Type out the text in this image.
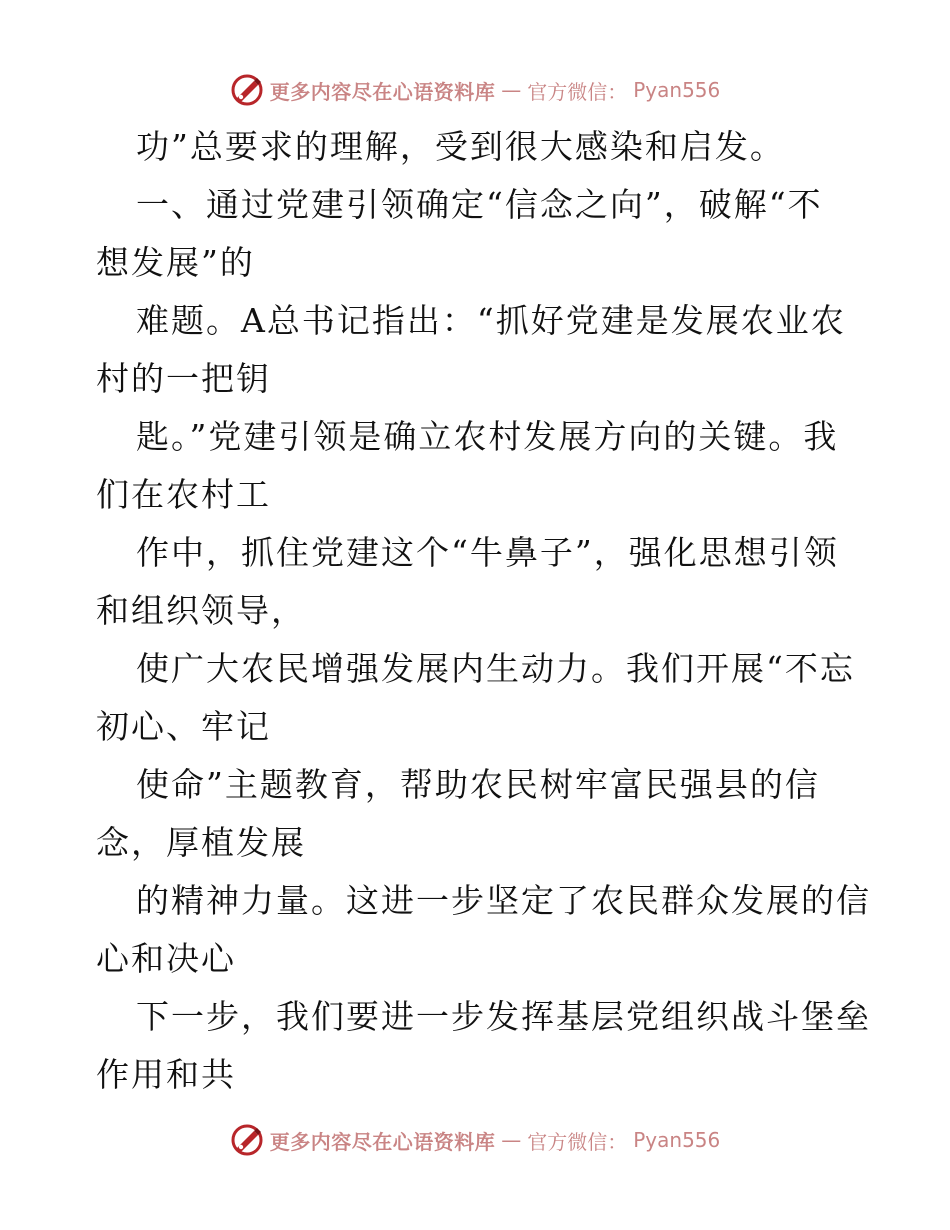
更多内容尽在心语资料库 — 官方微信： Pyan556
功”总要求的理解，受到很大感染和启发。
一、通过党建引领确定“信念之向”，破解“不
想发展”的
难题。A总书记指出：“抓好党建是发展农业农
村的一把钥
匙。”党建引领是确立农村发展方向的关键。我
们在农村工
作中，抓住党建这个“牛鼻子”，强化思想引领
和组织领导，
使广大农民增强发展内生动力。我们开展“不忘
初心、牢记
使命”主题教育，帮助农民树牢富民强县的信
念，厚植发展
的精神力量。这进一步坚定了农民群众发展的信
心和决心
下一步，我们要进一步发挥基层党组织战斗堡垒
作用和共
更多内容尽在心语资料库 — 官方微信： Pyan556
